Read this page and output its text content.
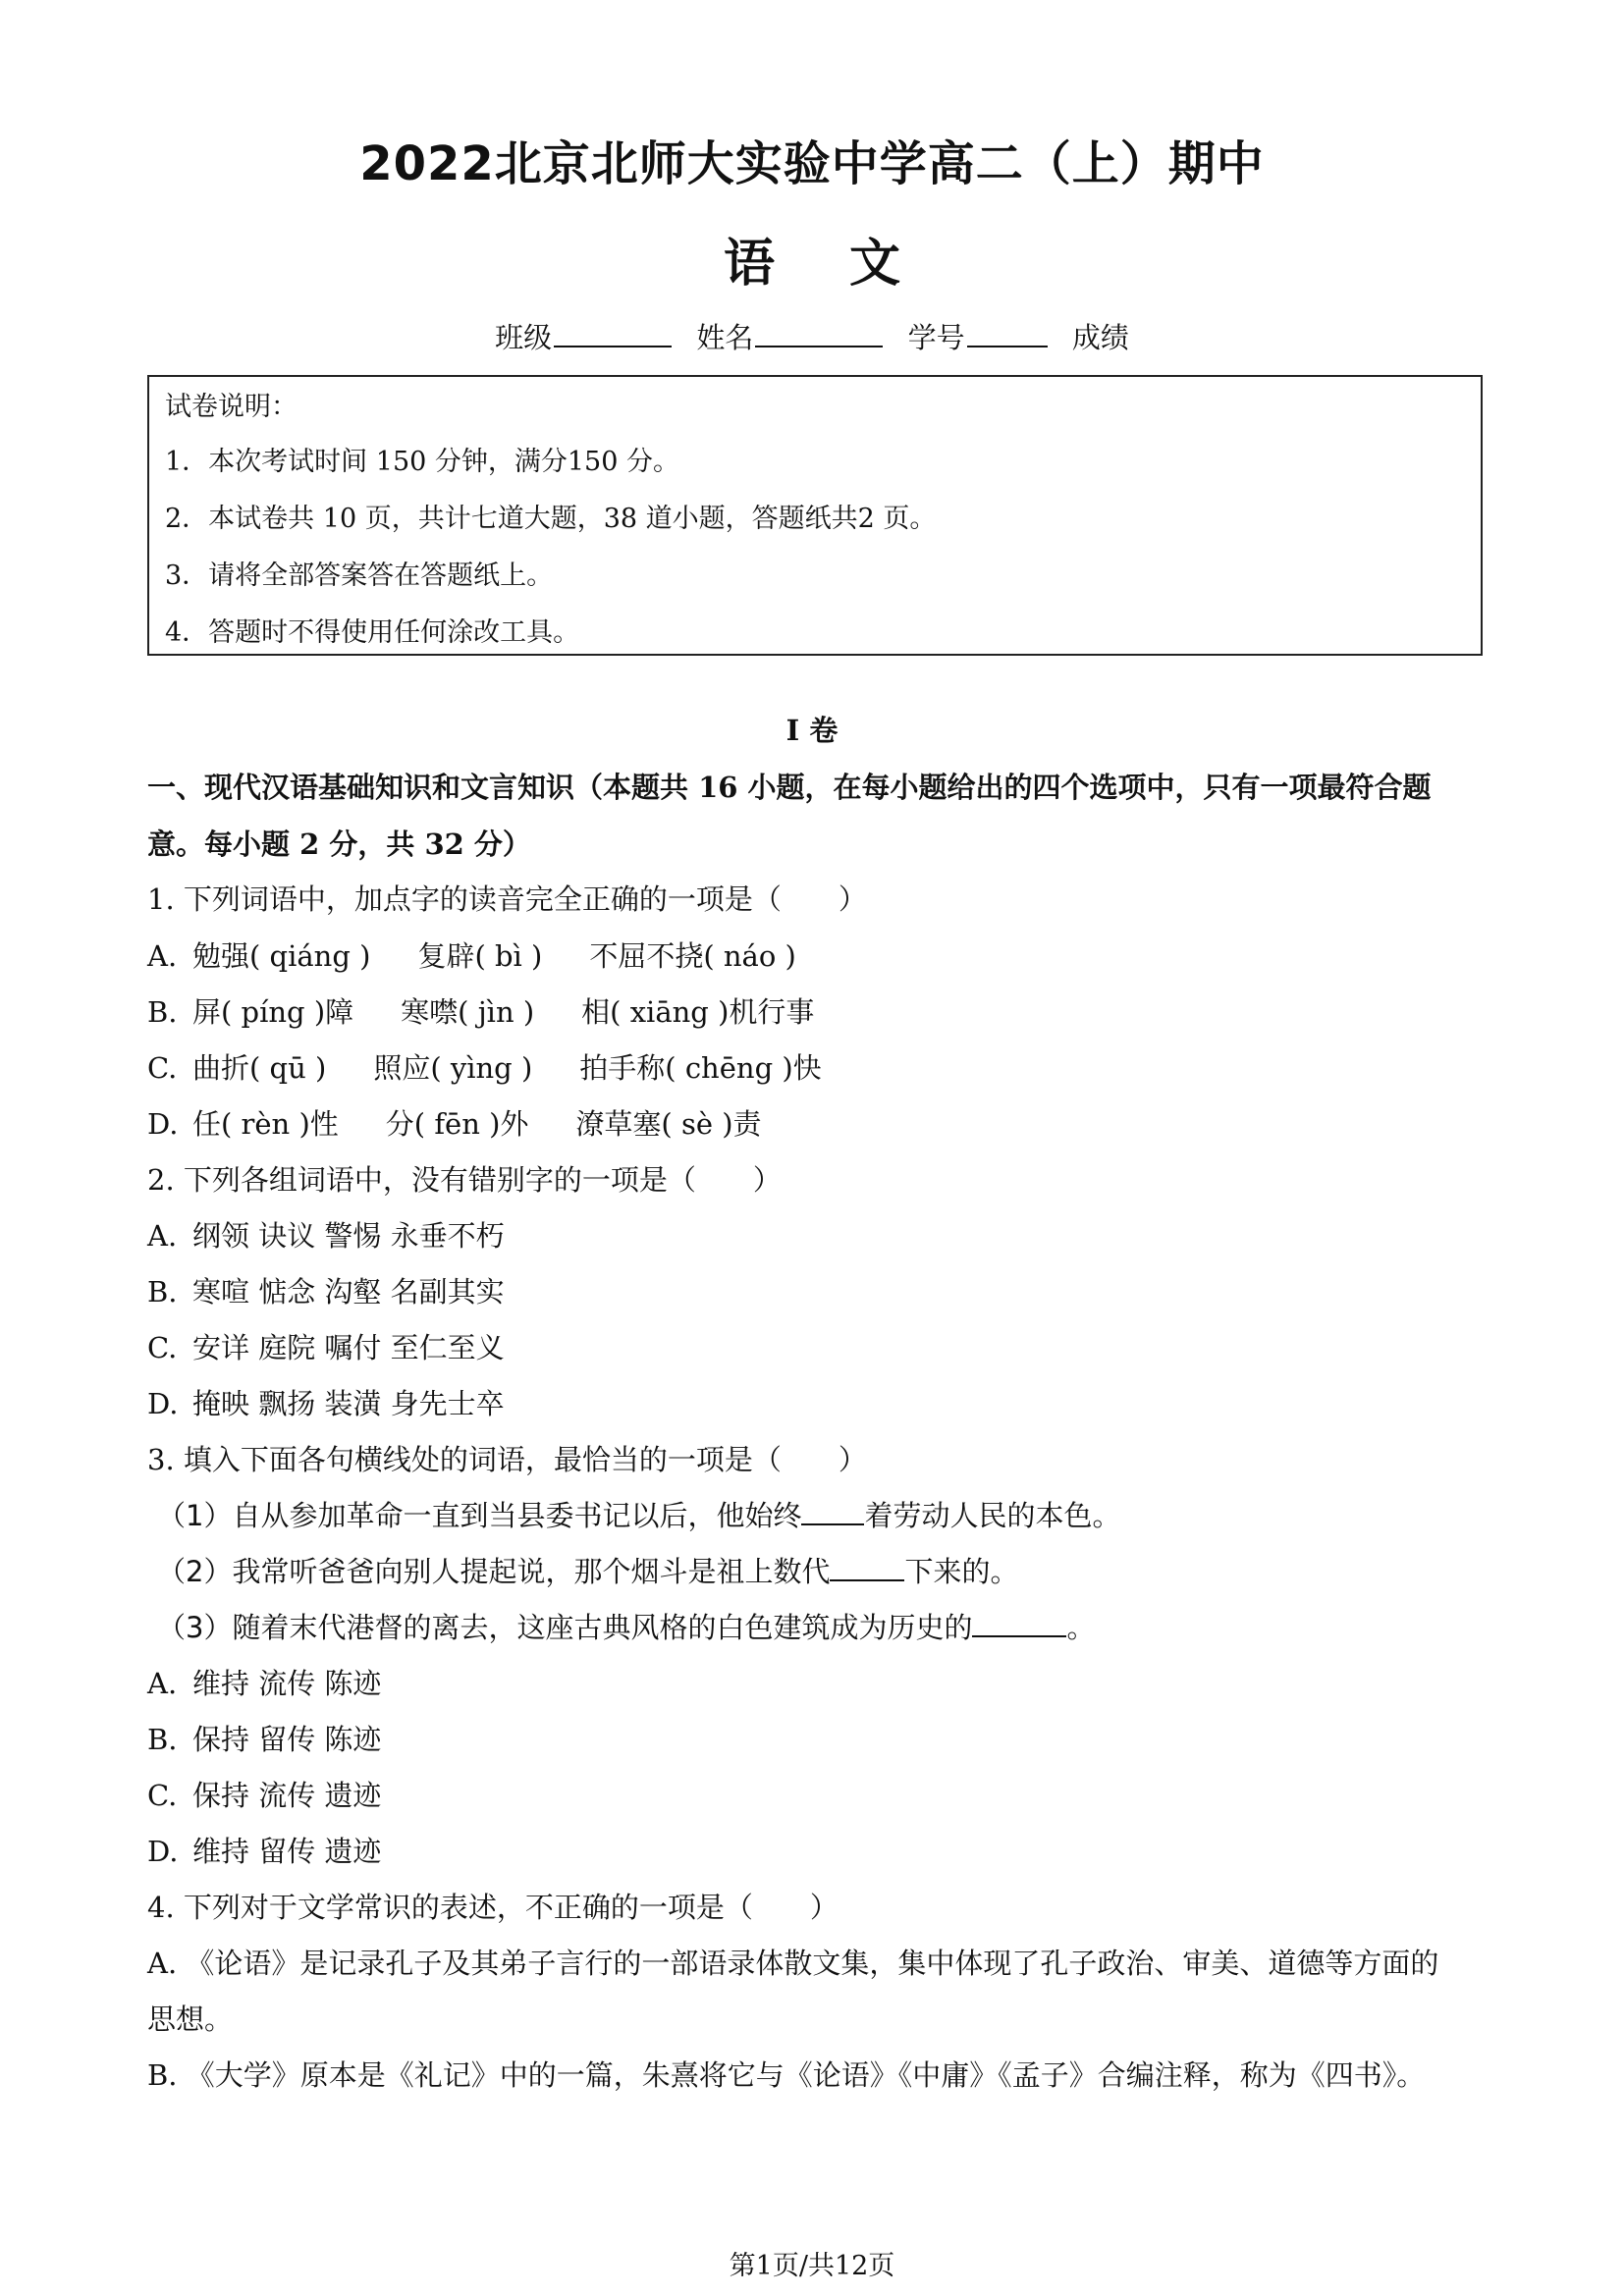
2022北京北师大实验中学高二（上）期中
语 文
班级	姓名	学号	成绩
试卷说明：
1．本次考试时间 150 分钟，满分150 分。
2．本试卷共 10 页，共计七道大题，38 道小题，答题纸共2 页。
3．请将全部答案答在答题纸上。
4．答题时不得使用任何涂改工具。
I 卷
一、现代汉语基础知识和文言知识（本题共 16 小题，在每小题给出的四个选项中，只有一项最符合题
意。每小题 2 分，共 32 分）
1. 下列词语中，加点字的读音完全正确的一项是（　　）
A. 勉强( qiáng ) 复辟( bì ) 不屈不挠( náo )
B. 屏( píng )障 寒噤( jìn ) 相( xiāng )机行事
C. 曲折( qū ) 照应( yìng ) 拍手称( chēng )快
D. 任( rèn )性 分( fēn )外 潦草塞( sè )责
2. 下列各组词语中，没有错别字的一项是（　　）
A. 纲领 诀议 警惕 永垂不朽
B. 寒喧 惦念 沟壑 名副其实
C. 安详 庭院 嘱付 至仁至义
D. 掩映 飘扬 装潢 身先士卒
3. 填入下面各句横线处的词语，最恰当的一项是（　　）
（1）自从参加革命一直到当县委书记以后，他始终 着劳动人民的本色。
（2）我常听爸爸向别人提起说，那个烟斗是祖上数代	下来的。
（3）随着末代港督的离去，这座古典风格的白色建筑成为历史的	。
A. 维持 流传 陈迹
B. 保持 留传 陈迹
C. 保持 流传 遗迹
D. 维持 留传 遗迹
4. 下列对于文学常识的表述，不正确的一项是（　　）
A. 《论语》是记录孔子及其弟子言行的一部语录体散文集，集中体现了孔子政治、审美、道德等方面的
思想。
B. 《大学》原本是《礼记》中的一篇，朱熹将它与《论语》《中庸》《孟子》合编注释，称为《四书》。
第1页/共12页
